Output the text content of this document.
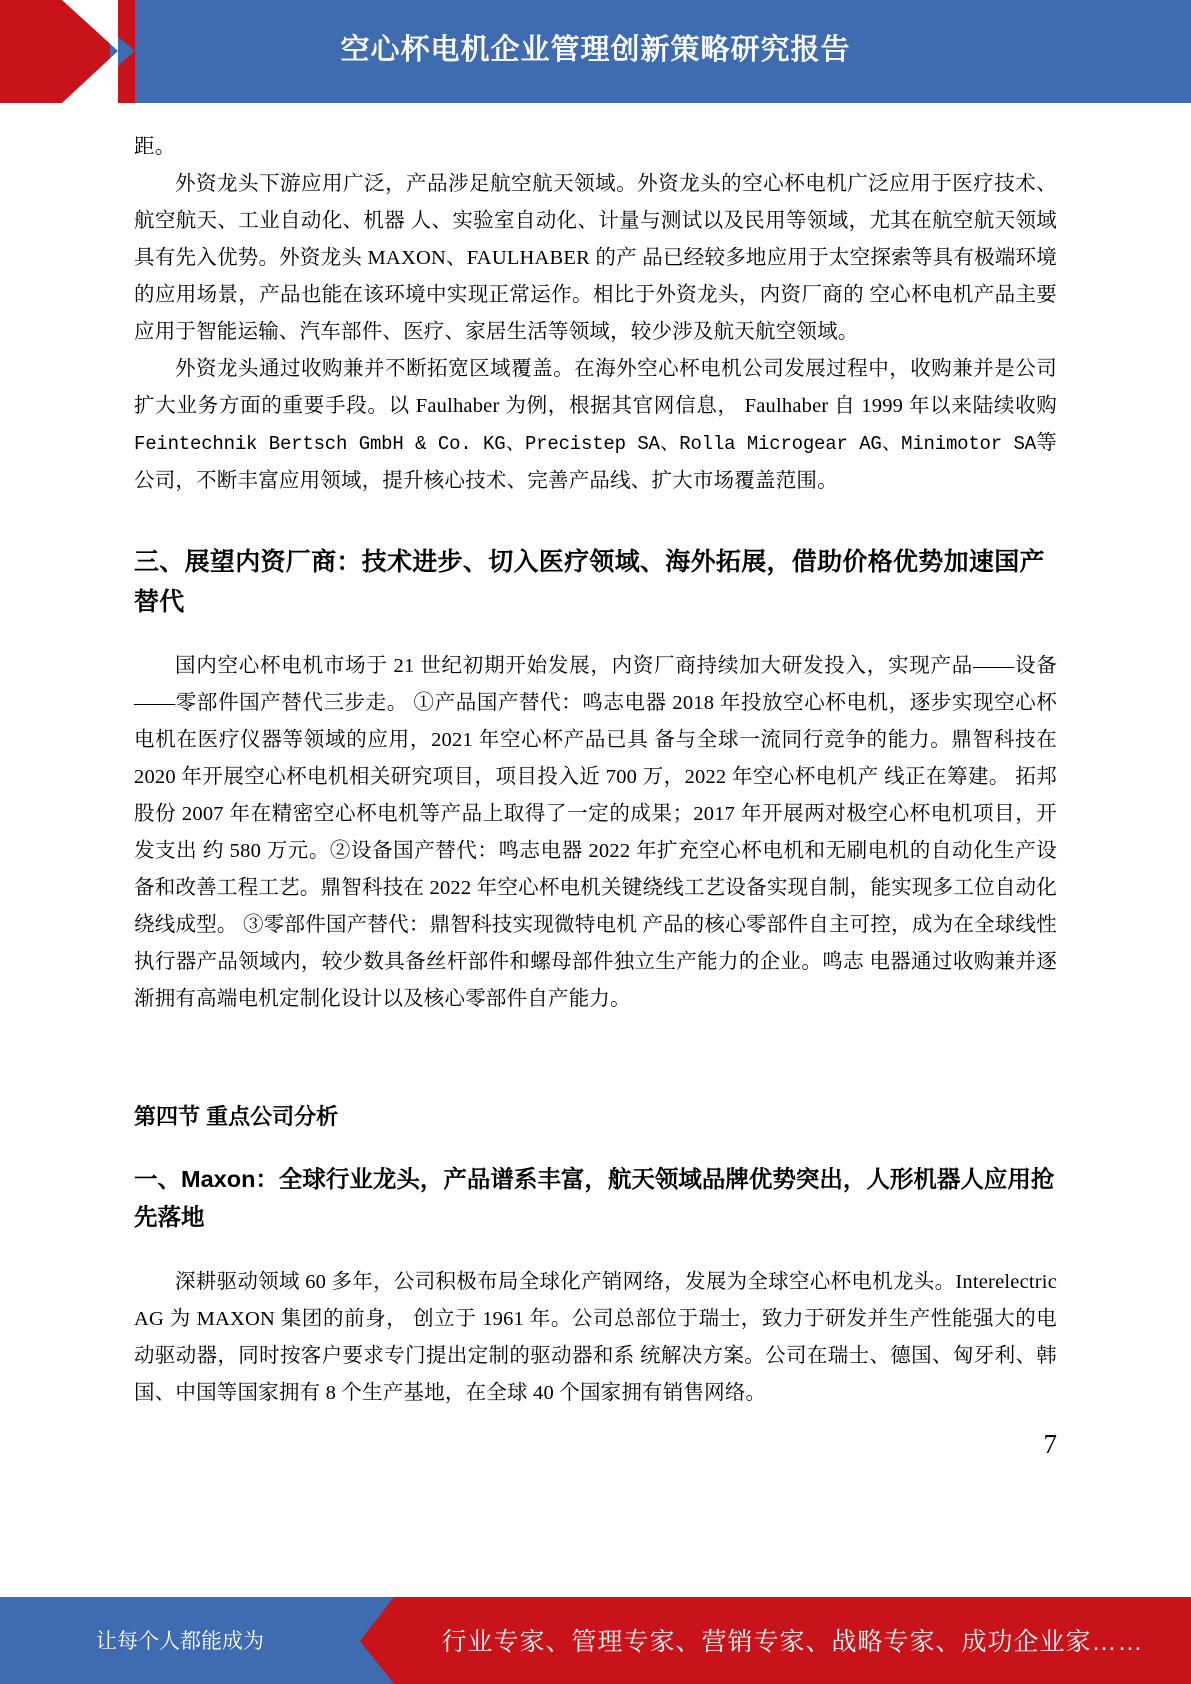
空心杯电机企业管理创新策略研究报告

距。

外资龙头下游应用广泛，产品涉足航空航天领域。外资龙头的空心杯电机广泛应用于医疗技术、航空航天、工业自动化、机器 人、实验室自动化、计量与测试以及民用等领域，尤其在航空航天领域具有先入优势。外资龙头 MAXON、FAULHABER 的产 品已经较多地应用于太空探索等具有极端环境的应用场景，产品也能在该环境中实现正常运作。相比于外资龙头，内资厂商的 空心杯电机产品主要应用于智能运输、汽车部件、医疗、家居生活等领域，较少涉及航天航空领域。

外资龙头通过收购兼并不断拓宽区域覆盖。在海外空心杯电机公司发展过程中，收购兼并是公司扩大业务方面的重要手段。以 Faulhaber 为例，根据其官网信息， Faulhaber 自 1999 年以来陆续收购Feintechnik Bertsch GmbH & Co. KG、Precistep SA、Rolla Microgear AG、Minimotor SA等公司，不断丰富应用领域，提升核心技术、完善产品线、扩大市场覆盖范围。

三、展望内资厂商：技术进步、切入医疗领域、海外拓展，借助价格优势加速国产替代

国内空心杯电机市场于 21 世纪初期开始发展，内资厂商持续加大研发投入，实现产品——设备——零部件国产替代三步走。 ①产品国产替代：鸣志电器 2018 年投放空心杯电机，逐步实现空心杯电机在医疗仪器等领域的应用，2021 年空心杯产品已具 备与全球一流同行竞争的能力。鼎智科技在 2020 年开展空心杯电机相关研究项目，项目投入近 700 万，2022 年空心杯电机产 线正在筹建。 拓邦股份 2007 年在精密空心杯电机等产品上取得了一定的成果；2017 年开展两对极空心杯电机项目，开发支出 约 580 万元。②设备国产替代：鸣志电器 2022 年扩充空心杯电机和无刷电机的自动化生产设备和改善工程工艺。鼎智科技在 2022 年空心杯电机关键绕线工艺设备实现自制，能实现多工位自动化绕线成型。 ③零部件国产替代：鼎智科技实现微特电机 产品的核心零部件自主可控，成为在全球线性执行器产品领域内，较少数具备丝杆部件和螺母部件独立生产能力的企业。鸣志 电器通过收购兼并逐渐拥有高端电机定制化设计以及核心零部件自产能力。

第四节 重点公司分析
一、Maxon：全球行业龙头，产品谱系丰富，航天领域品牌优势突出，人形机器人应用抢先落地

深耕驱动领域 60 多年，公司积极布局全球化产销网络，发展为全球空心杯电机龙头。Interelectric AG 为 MAXON 集团的前身， 创立于 1961 年。公司总部位于瑞士，致力于研发并生产性能强大的电动驱动器，同时按客户要求专门提出定制的驱动器和系 统解决方案。公司在瑞士、德国、匈牙利、韩国、中国等国家拥有 8 个生产基地，在全球 40 个国家拥有销售网络。

7
让每个人都能成为	行业专家、管理专家、营销专家、战略专家、成功企业家……
